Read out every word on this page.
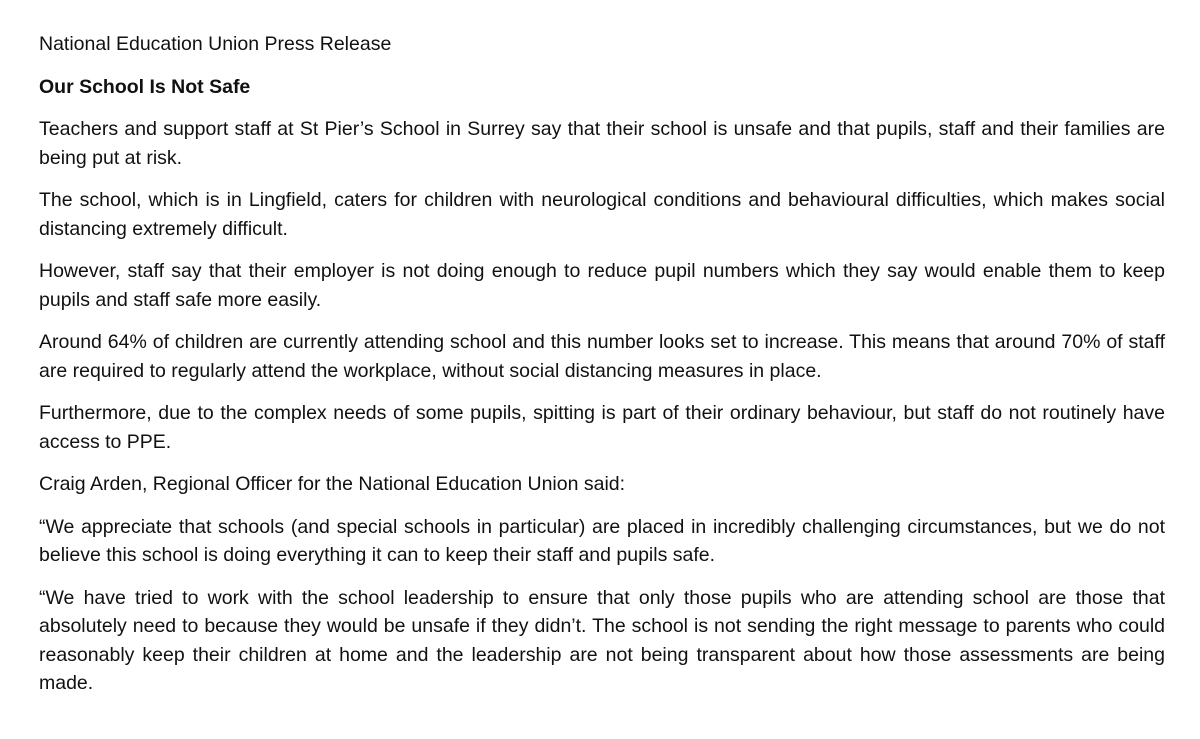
National Education Union Press Release
Our School Is Not Safe

Teachers and support staff at St Pier’s School in Surrey say that their school is unsafe and that pupils, staff and their families are being put at risk.

The school, which is in Lingfield, caters for children with neurological conditions and behavioural difficulties, which makes social distancing extremely difficult.

However, staff say that their employer is not doing enough to reduce pupil numbers which they say would enable them to keep pupils and staff safe more easily.

Around 64% of children are currently attending school and this number looks set to increase. This means that around 70% of staff are required to regularly attend the workplace, without social distancing measures in place.

Furthermore, due to the complex needs of some pupils, spitting is part of their ordinary behaviour, but staff do not routinely have access to PPE.

Craig Arden, Regional Officer for the National Education Union said:

“We appreciate that schools (and special schools in particular) are placed in incredibly challenging circumstances, but we do not believe this school is doing everything it can to keep their staff and pupils safe.

“We have tried to work with the school leadership to ensure that only those pupils who are attending school are those that absolutely need to because they would be unsafe if they didn’t. The school is not sending the right message to parents who could reasonably keep their children at home and the leadership are not being transparent about how those assessments are being made.
